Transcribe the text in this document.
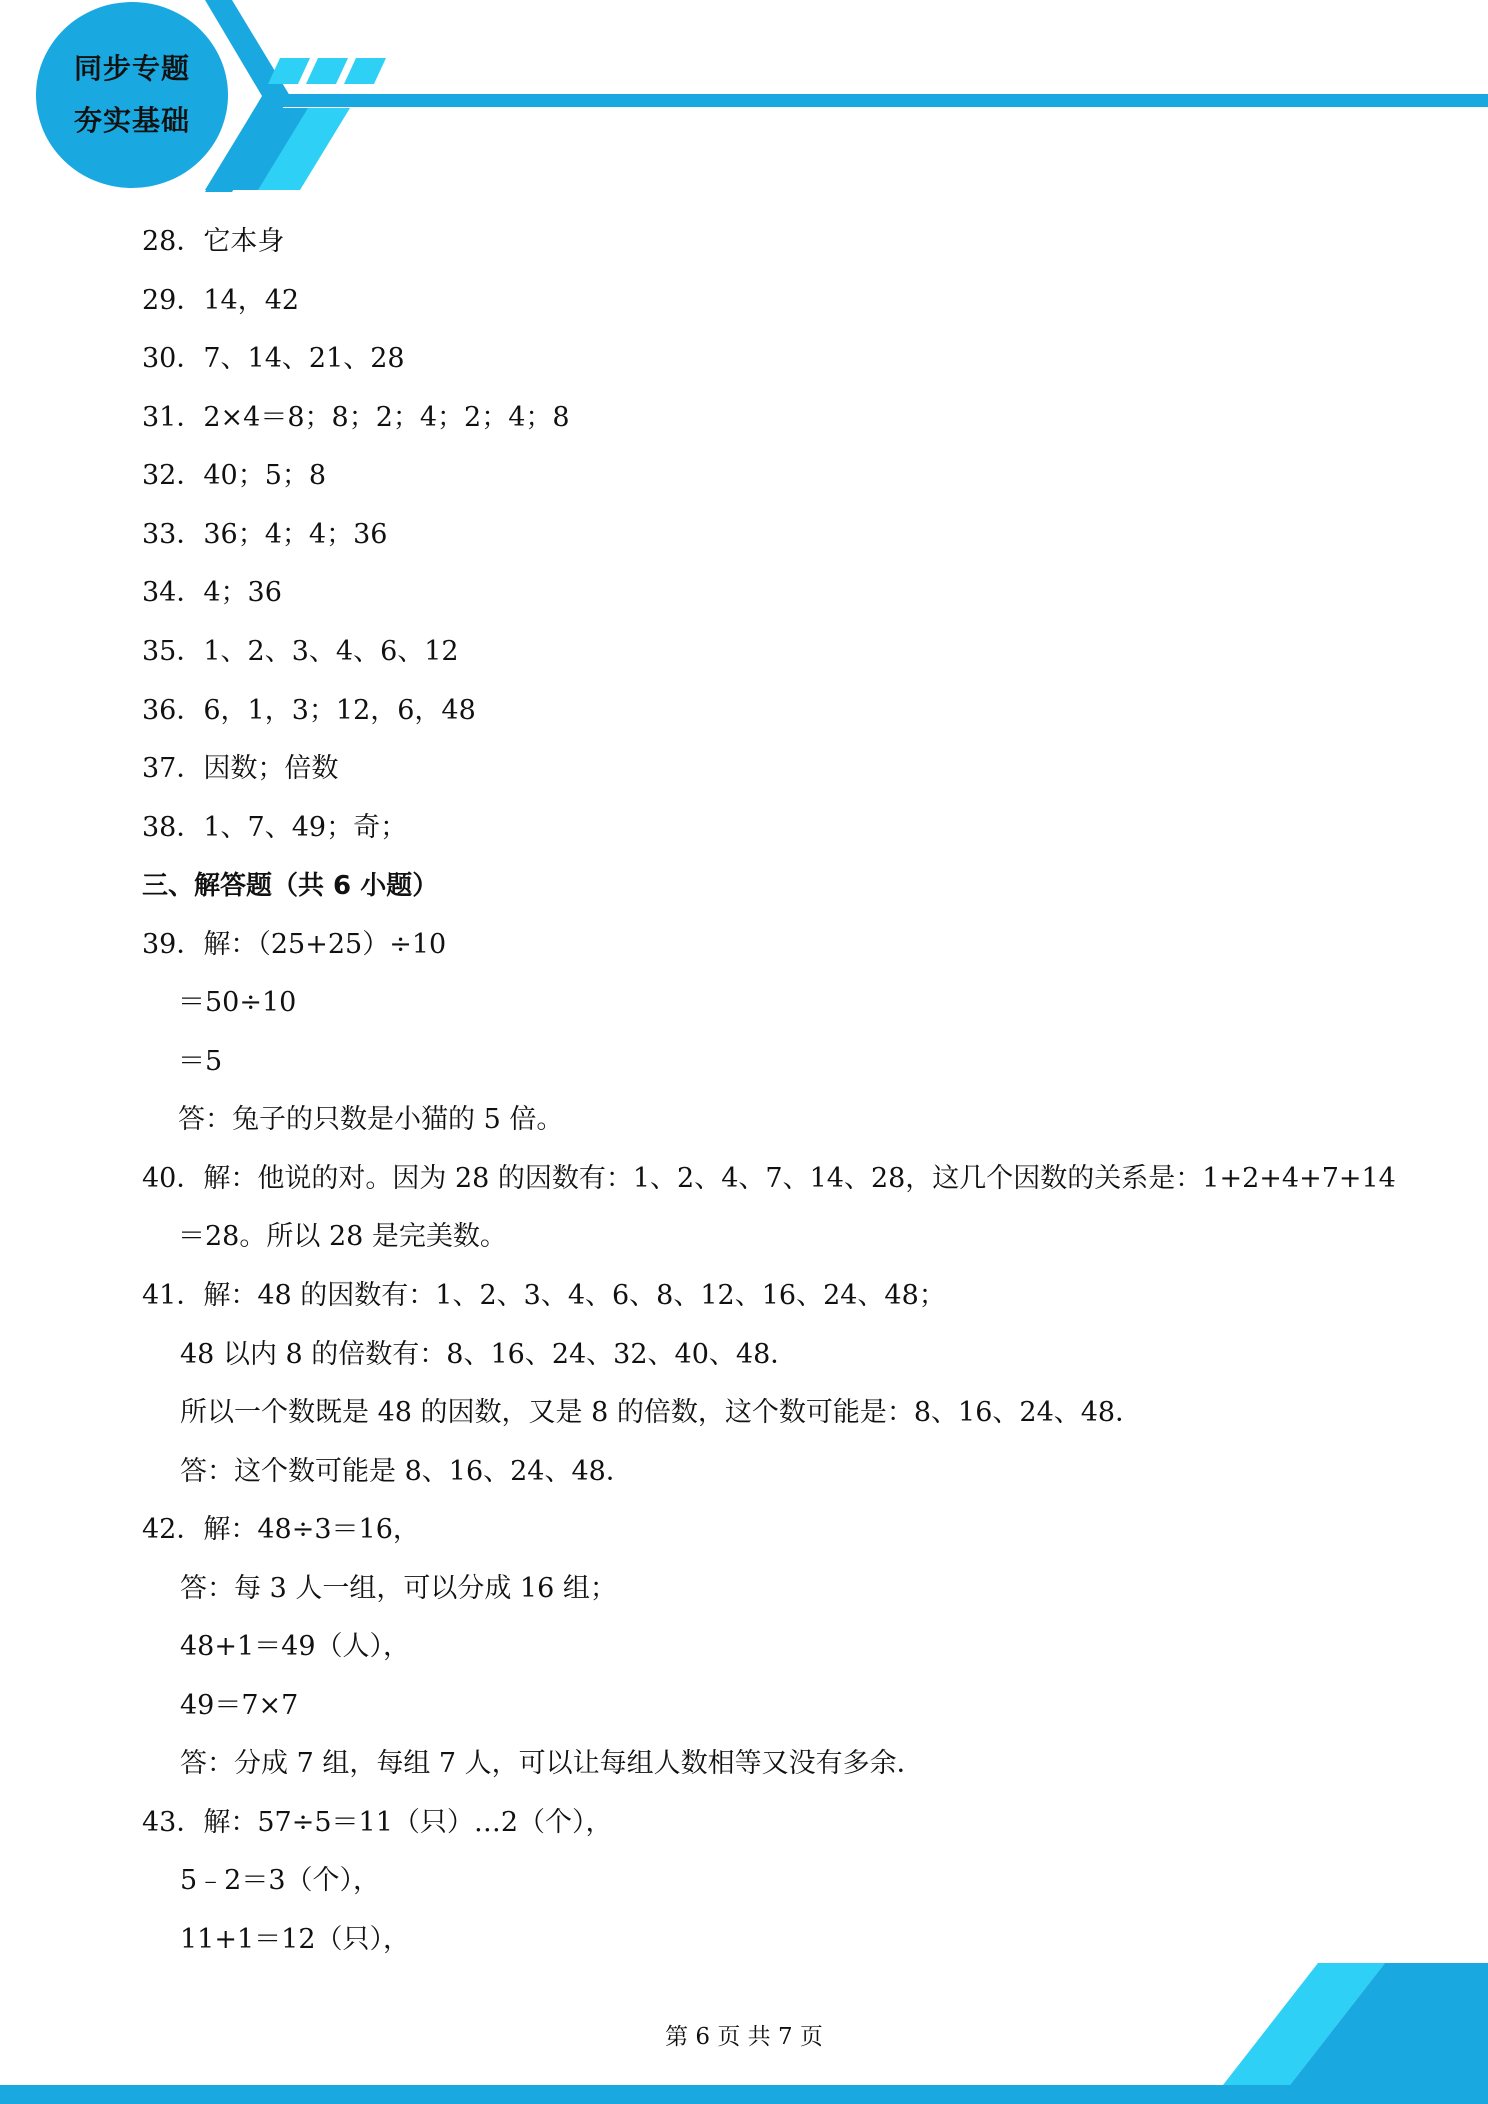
同步专题
夯实基础
28．它本身
29．14，42
30．7、14、21、28
31．2×4＝8；8；2；4；2；4；8
32．40；5；8
33．36；4；4；36
34．4；36
35．1、2、3、4、6、12
36．6，1，3；12，6，48
37．因数；倍数
38．1、7、49；奇；
三、解答题（共 6 小题）
39．解：（25+25）÷10
＝50÷10
＝5
答：兔子的只数是小猫的 5 倍。
40．解：他说的对。因为 28 的因数有：1、2、4、7、14、28，这几个因数的关系是：1+2+4+7+14
＝28。所以 28 是完美数。
41．解：48 的因数有：1、2、3、4、6、8、12、16、24、48；
48 以内 8 的倍数有：8、16、24、32、40、48．
所以一个数既是 48 的因数，又是 8 的倍数，这个数可能是：8、16、24、48．
答：这个数可能是 8、16、24、48．
42．解：48÷3＝16，
答：每 3 人一组，可以分成 16 组；
48+1＝49（人），
49＝7×7
答：分成 7 组，每组 7 人，可以让每组人数相等又没有多余．
43．解：57÷5＝11（只）…2（个），
5﹣2＝3（个），
11+1＝12（只），
第 6 页 共 7 页
